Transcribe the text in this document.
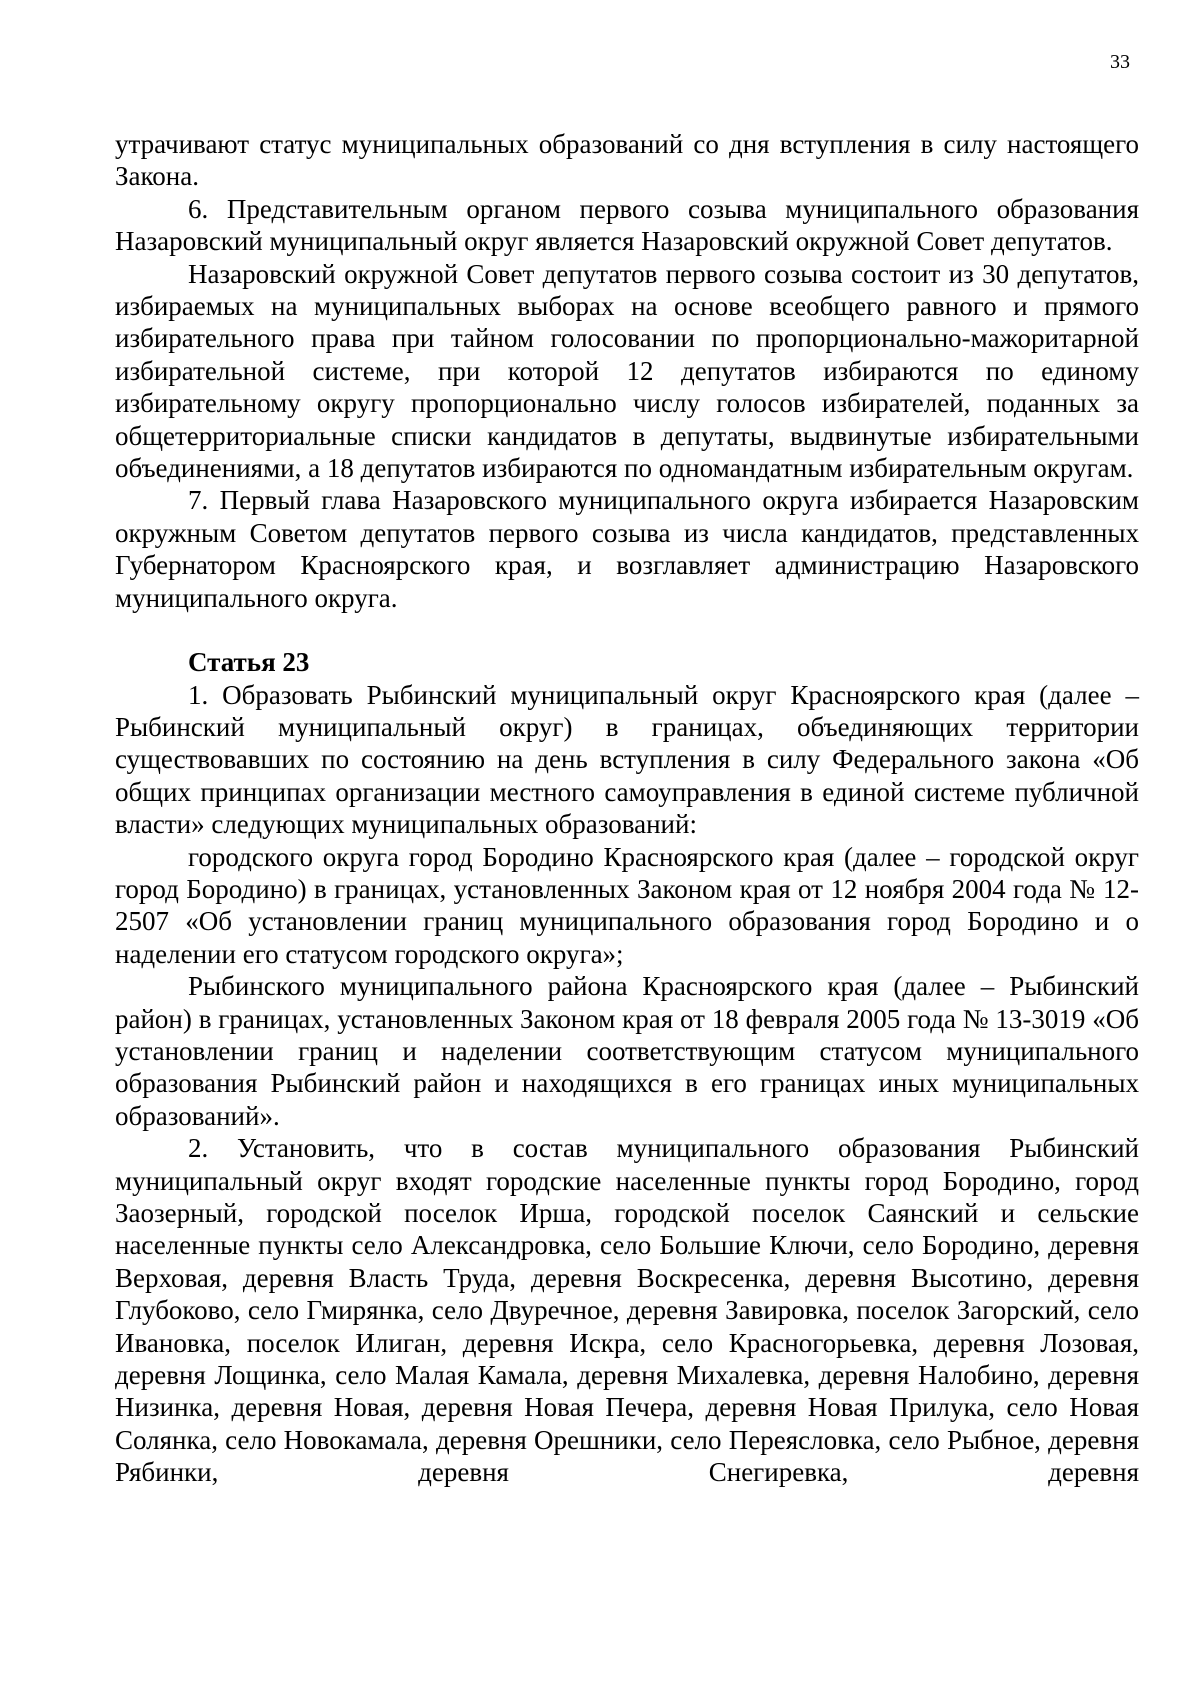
33

утрачивают статус муниципальных образований со дня вступления в силу настоящего Закона.

6. Представительным органом первого созыва муниципального образования Назаровский муниципальный округ является Назаровский окружной Совет депутатов.

Назаровский окружной Совет депутатов первого созыва состоит из 30 депутатов, избираемых на муниципальных выборах на основе всеобщего равного и прямого избирательного права при тайном голосовании по пропорционально-мажоритарной избирательной системе, при которой 12 депутатов избираются по единому избирательному округу пропорционально числу голосов избирателей, поданных за общетерриториальные списки кандидатов в депутаты, выдвинутые избирательными объединениями, а 18 депутатов избираются по одномандатным избирательным округам.

7. Первый глава Назаровского муниципального округа избирается Назаровским окружным Советом депутатов первого созыва из числа кандидатов, представленных Губернатором Красноярского края, и возглавляет администрацию Назаровского муниципального округа.

Статья 23

1. Образовать Рыбинский муниципальный округ Красноярского края (далее – Рыбинский муниципальный округ) в границах, объединяющих территории существовавших по состоянию на день вступления в силу Федерального закона «Об общих принципах организации местного самоуправления в единой системе публичной власти» следующих муниципальных образований:

городского округа город Бородино Красноярского края (далее – городской округ город Бородино) в границах, установленных Законом края от 12 ноября 2004 года № 12-2507 «Об установлении границ муниципального образования город Бородино и о наделении его статусом городского округа»;

Рыбинского муниципального района Красноярского края (далее – Рыбинский район) в границах, установленных Законом края от 18 февраля 2005 года № 13-3019 «Об установлении границ и наделении соответствующим статусом муниципального образования Рыбинский район и находящихся в его границах иных муниципальных образований».

2. Установить, что в состав муниципального образования Рыбинский муниципальный округ входят городские населенные пункты город Бородино, город Заозерный, городской поселок Ирша, городской поселок Саянский и сельские населенные пункты село Александровка, село Большие Ключи, село Бородино, деревня Верховая, деревня Власть Труда, деревня Воскресенка, деревня Высотино, деревня Глубоково, село Гмирянка, село Двуречное, деревня Завировка, поселок Загорский, село Ивановка, поселок Илиган, деревня Искра, село Красногорьевка, деревня Лозовая, деревня Лощинка, село Малая Камала, деревня Михалевка, деревня Налобино, деревня Низинка, деревня Новая, деревня Новая Печера, деревня Новая Прилука, село Новая Солянка, село Новокамала, деревня Орешники, село Переясловка, село Рыбное, деревня Рябинки, деревня Снегиревка, деревня
